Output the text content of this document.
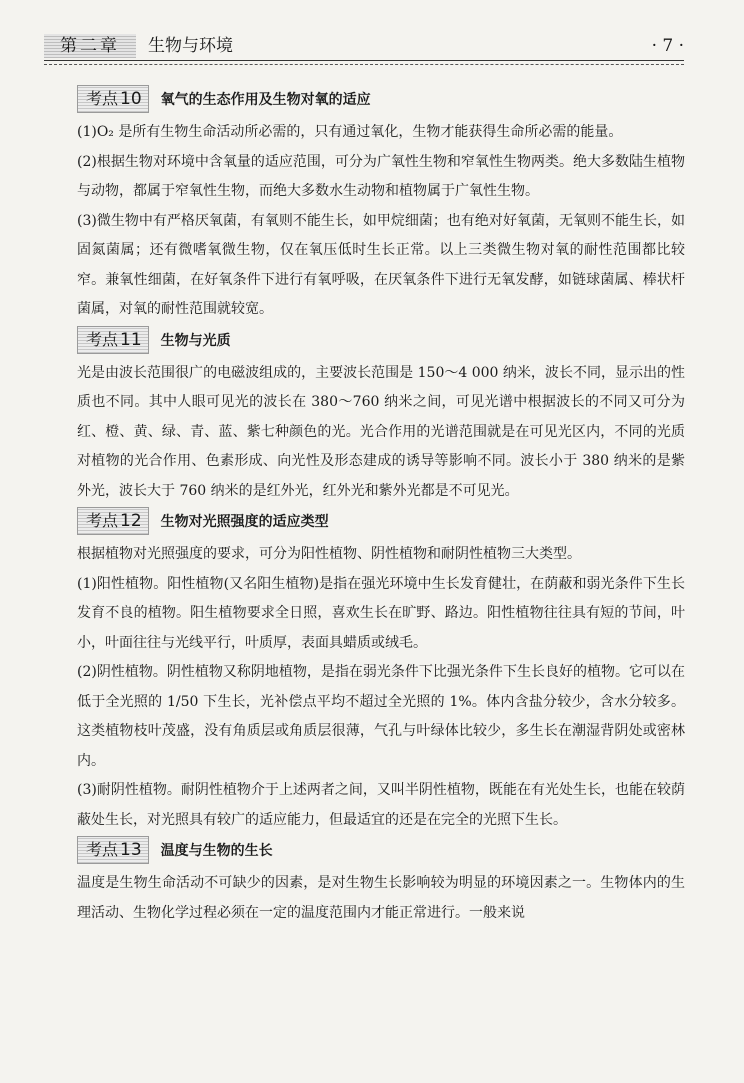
第二章	生物与环境	· 7 ·
考点 10	氧气的生态作用及生物对氧的适应

(1)O₂ 是所有生物生命活动所必需的，只有通过氧化，生物才能获得生命所必需的能量。

(2)根据生物对环境中含氧量的适应范围，可分为广氧性生物和窄氧性生物两类。绝大多数陆生植物与动物，都属于窄氧性生物，而绝大多数水生动物和植物属于广氧性生物。

(3)微生物中有严格厌氧菌，有氧则不能生长，如甲烷细菌；也有绝对好氧菌，无氧则不能生长，如固氮菌属；还有微嗜氧微生物，仅在氧压低时生长正常。以上三类微生物对氧的耐性范围都比较窄。兼氧性细菌，在好氧条件下进行有氧呼吸，在厌氧条件下进行无氧发酵，如链球菌属、棒状杆菌属，对氧的耐性范围就较宽。

考点 11	生物与光质

光是由波长范围很广的电磁波组成的，主要波长范围是 150～4 000 纳米，波长不同，显示出的性质也不同。其中人眼可见光的波长在 380～760 纳米之间，可见光谱中根据波长的不同又可分为红、橙、黄、绿、青、蓝、紫七种颜色的光。光合作用的光谱范围就是在可见光区内，不同的光质对植物的光合作用、色素形成、向光性及形态建成的诱导等影响不同。波长小于 380 纳米的是紫外光，波长大于 760 纳米的是红外光，红外光和紫外光都是不可见光。

考点 12	生物对光照强度的适应类型

根据植物对光照强度的要求，可分为阳性植物、阴性植物和耐阴性植物三大类型。

(1)阳性植物。阳性植物(又名阳生植物)是指在强光环境中生长发育健壮，在荫蔽和弱光条件下生长发育不良的植物。阳生植物要求全日照，喜欢生长在旷野、路边。阳性植物往往具有短的节间，叶小，叶面往往与光线平行，叶质厚，表面具蜡质或绒毛。

(2)阴性植物。阴性植物又称阴地植物，是指在弱光条件下比强光条件下生长良好的植物。它可以在低于全光照的 1/50 下生长，光补偿点平均不超过全光照的 1%。体内含盐分较少，含水分较多。这类植物枝叶茂盛，没有角质层或角质层很薄，气孔与叶绿体比较少，多生长在潮湿背阴处或密林内。

(3)耐阴性植物。耐阴性植物介于上述两者之间，又叫半阴性植物，既能在有光处生长，也能在较荫蔽处生长，对光照具有较广的适应能力，但最适宜的还是在完全的光照下生长。

考点 13	温度与生物的生长

温度是生物生命活动不可缺少的因素，是对生物生长影响较为明显的环境因素之一。生物体内的生理活动、生物化学过程必须在一定的温度范围内才能正常进行。一般来说
